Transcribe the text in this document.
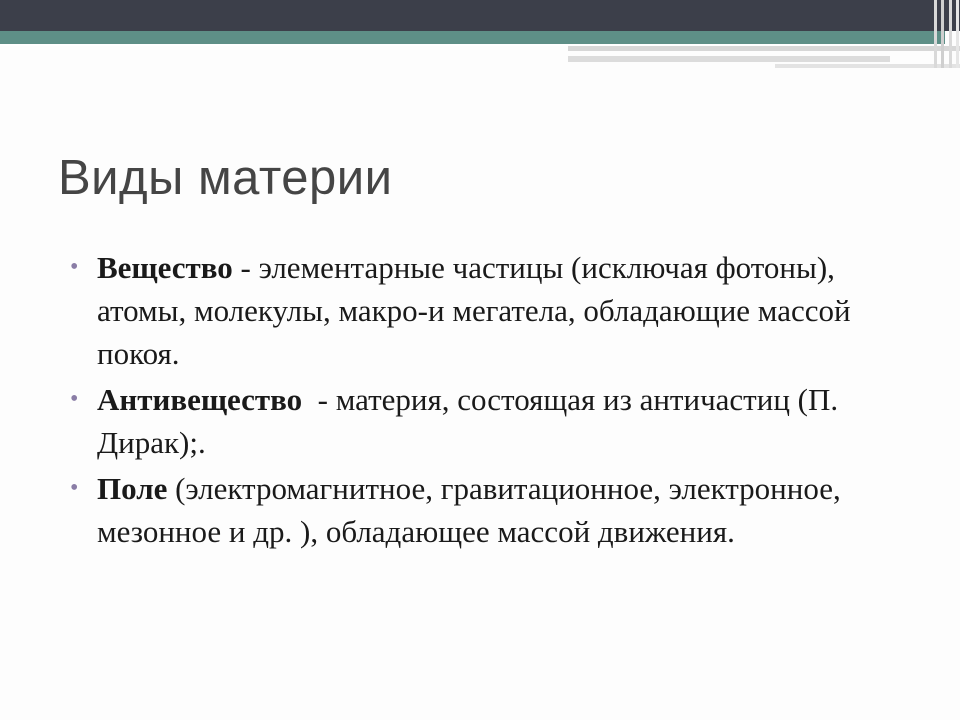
Виды материи
• Вещество - элементарные частицы (исключая фотоны), атомы, молекулы, макро-и мегатела, обладающие массой покоя.
• Антивещество  - материя, состоящая из античастиц (П. Дирак);.
• Поле (электромагнитное, гравитационное, электронное, мезонное и др. ), обладающее массой движения.
